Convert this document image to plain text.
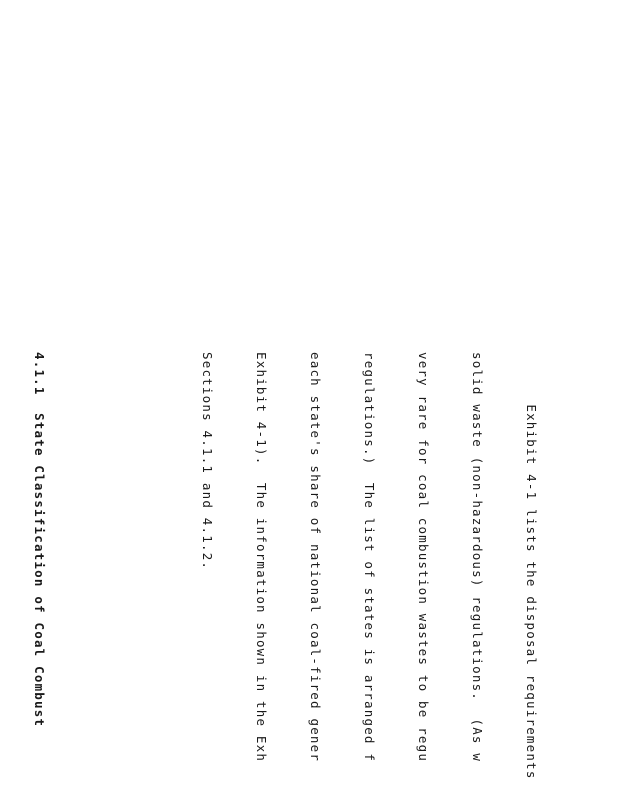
Exhibit 4-1 lists the disposal requirements

solid waste (non-hazardous) regulations.  (As w

very rare for coal combustion wastes to be regu

regulations.)  The list of states is arranged f

each state's share of national coal-fired gener

Exhibit 4-1).  The information shown in the Exh

Sections 4.1.1 and 4.1.2.

4.1.1  State Classification of Coal Combust
